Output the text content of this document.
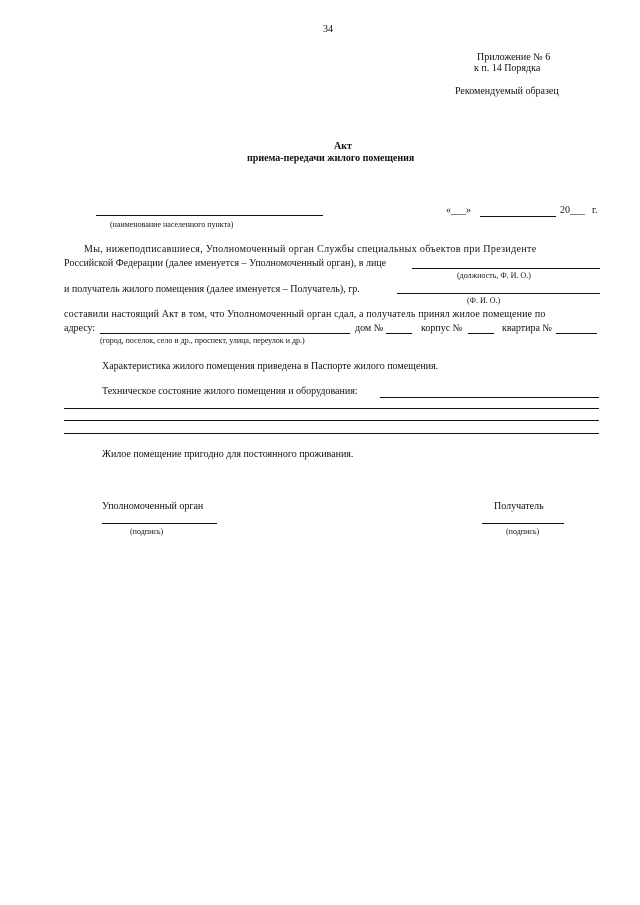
34
Приложение № 6
к п. 14 Порядка
Рекомендуемый образец
Акт
приема-передачи жилого помещения
(наименование населенного пункта)
«___»	20___ г.
Мы, нижеподписавшиеся, Уполномоченный орган Службы специальных объектов при Президенте
Российской Федерации (далее именуется – Уполномоченный орган), в лице
(должность, Ф. И. О.)
и получатель жилого помещения (далее именуется – Получатель), гр.
(Ф. И. О.)
составили настоящий Акт в том, что Уполномоченный орган сдал, а получатель принял жилое помещение по
адресу:	дом №	корпус №	квартира №
(город, поселок, село и др., проспект, улица, переулок и др.)
Характеристика жилого помещения приведена в Паспорте жилого помещения.
Техническое состояние жилого помещения и оборудования:
Жилое помещение пригодно для постоянного проживания.
Уполномоченный орган
(подпись)
Получатель
(подпись)
